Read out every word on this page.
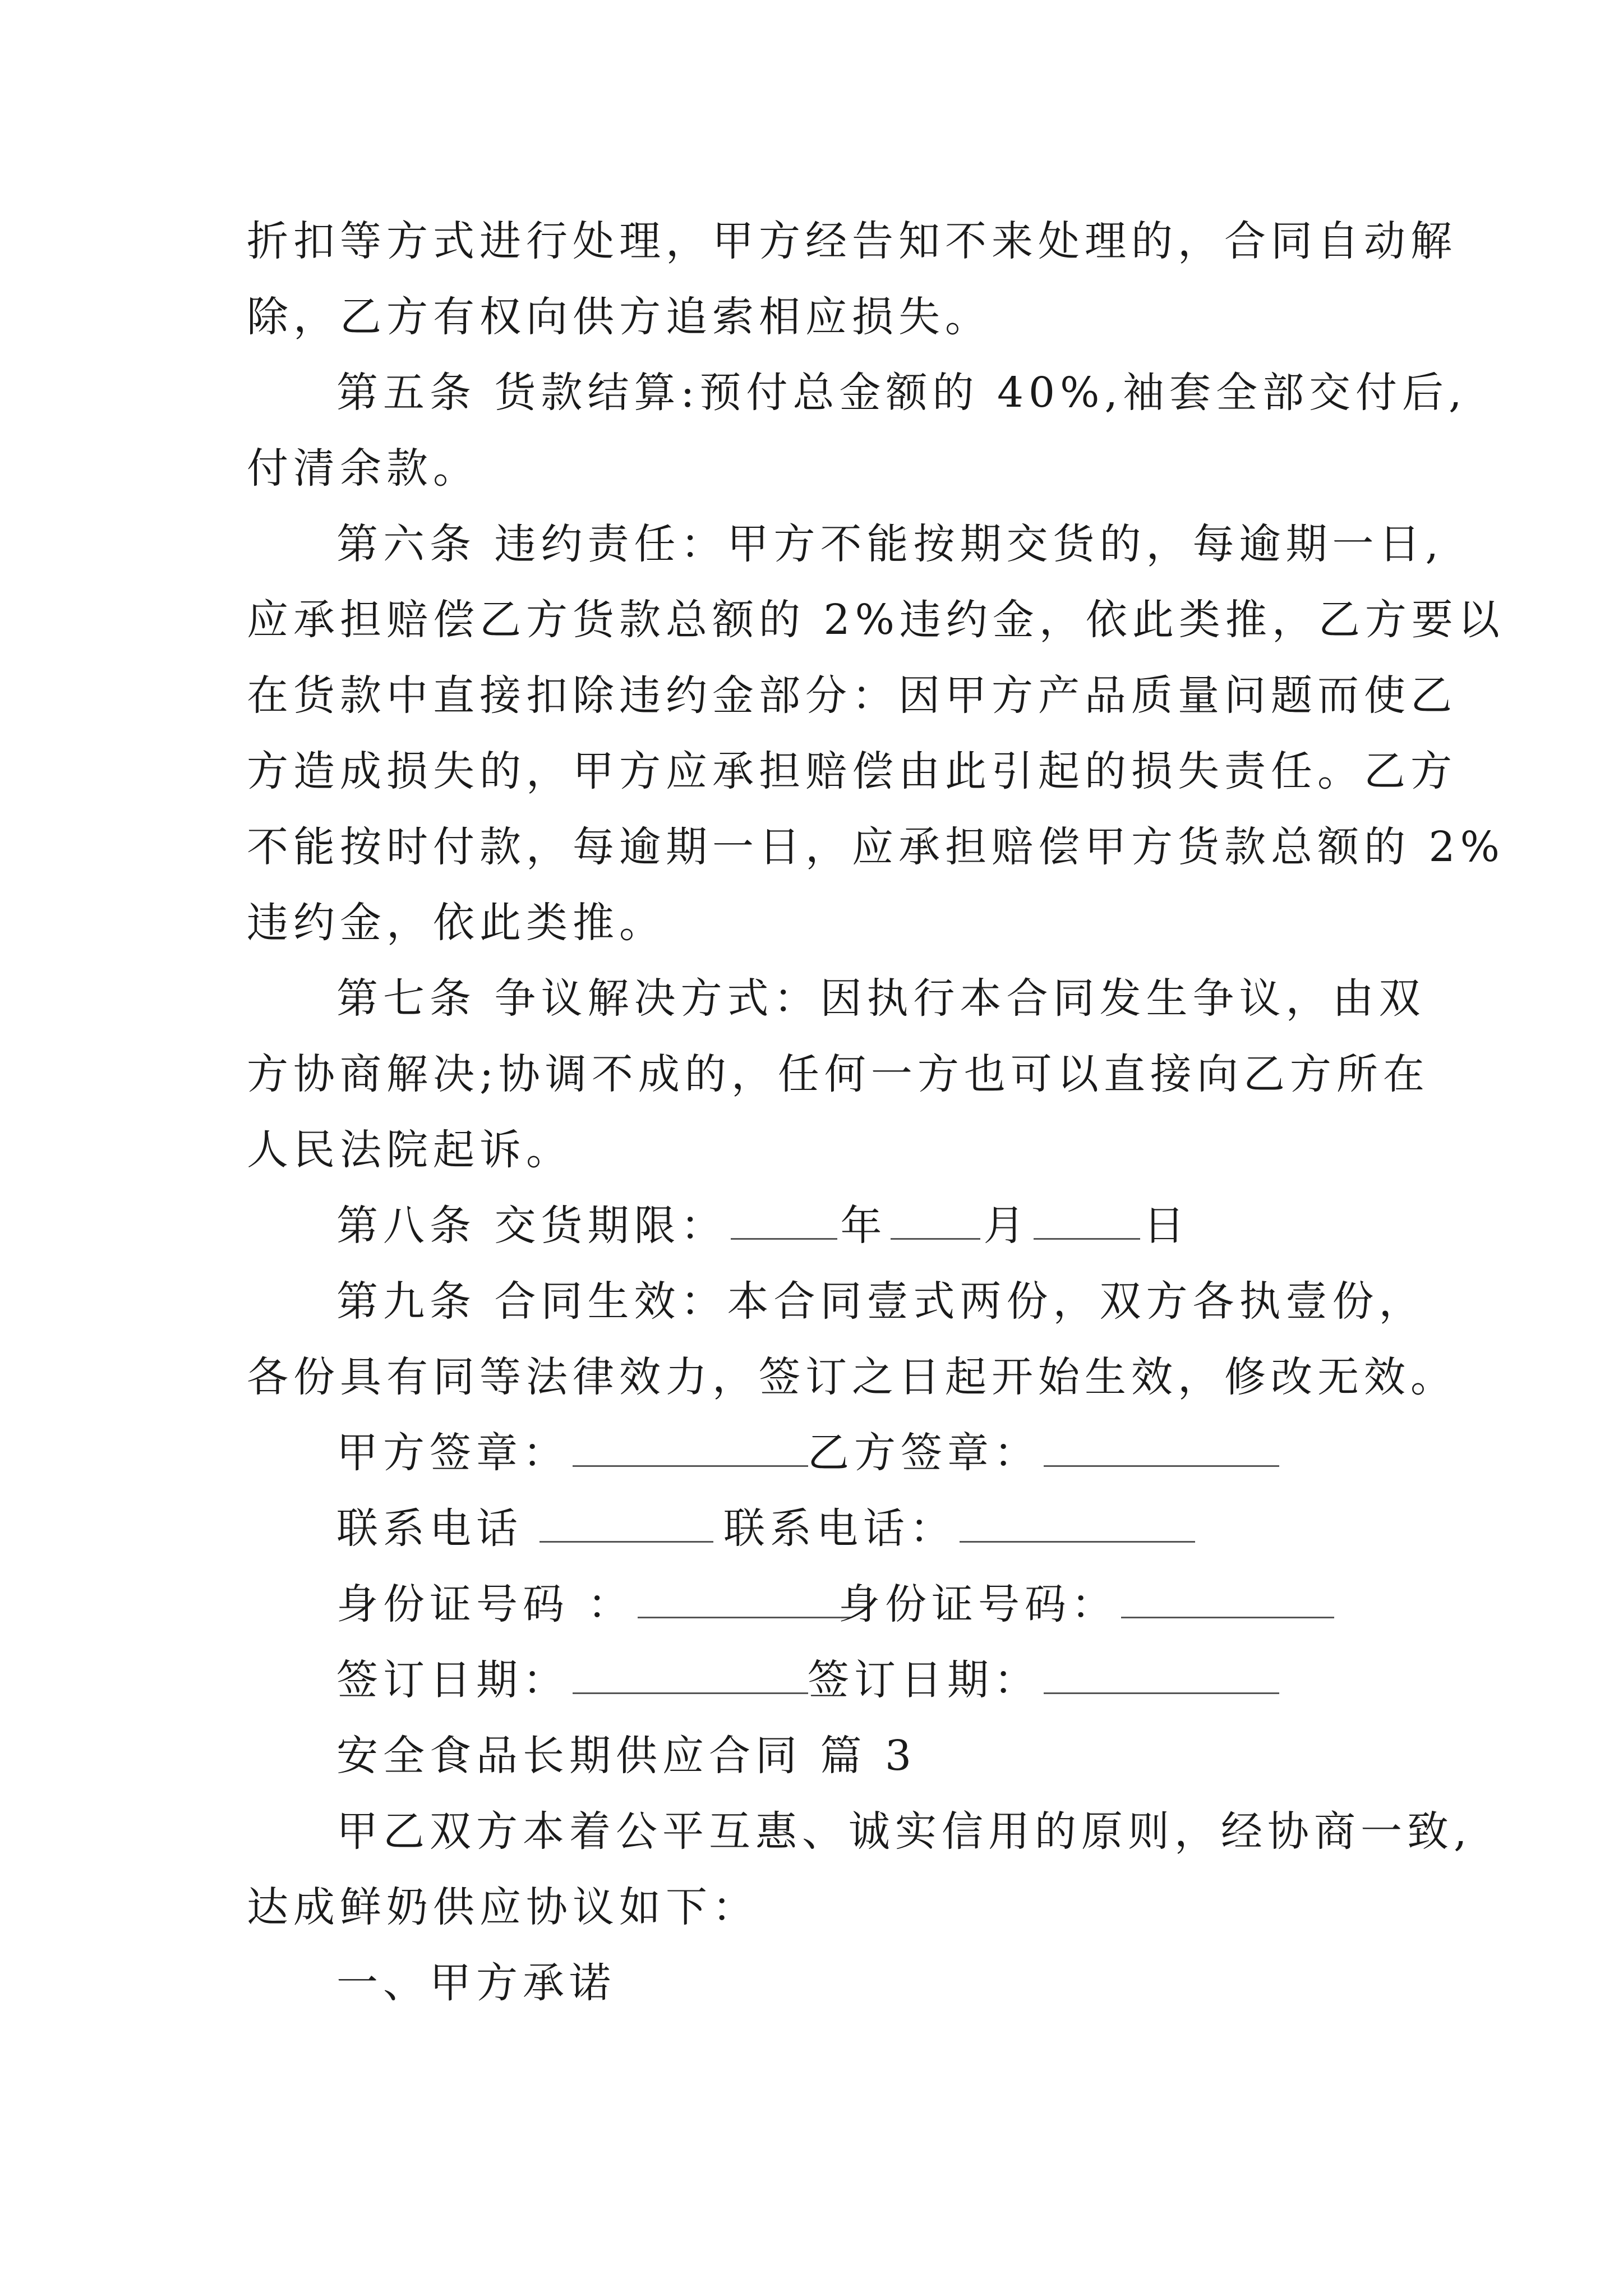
折扣等方式进行处理，甲方经告知不来处理的，合同自动解
除，乙方有权向供方追索相应损失。
第五条 货款结算:预付总金额的 40%,袖套全部交付后,
付清余款。
第六条 违约责任：甲方不能按期交货的，每逾期一日,
应承担赔偿乙方货款总额的 2%违约金，依此类推，乙方要以
在货款中直接扣除违约金部分：因甲方产品质量问题而使乙
方造成损失的，甲方应承担赔偿由此引起的损失责任。乙方
不能按时付款，每逾期一日，应承担赔偿甲方货款总额的 2%
违约金，依此类推。
第七条 争议解决方式：因执行本合同发生争议，由双
方协商解决;协调不成的，任何一方也可以直接向乙方所在
人民法院起诉。
第八条 交货期限：	年 月	日
第九条 合同生效：本合同壹式两份，双方各执壹份，
各份具有同等法律效力，签订之日起开始生效，修改无效。
甲方签章：	乙方签章：
联系电话	联系电话：
身份证号码 ：	身份证号码：
签订日期：	签订日期：
安全食品长期供应合同 篇 3
甲乙双方本着公平互惠、诚实信用的原则，经协商一致,
达成鲜奶供应协议如下：
一、甲方承诺
